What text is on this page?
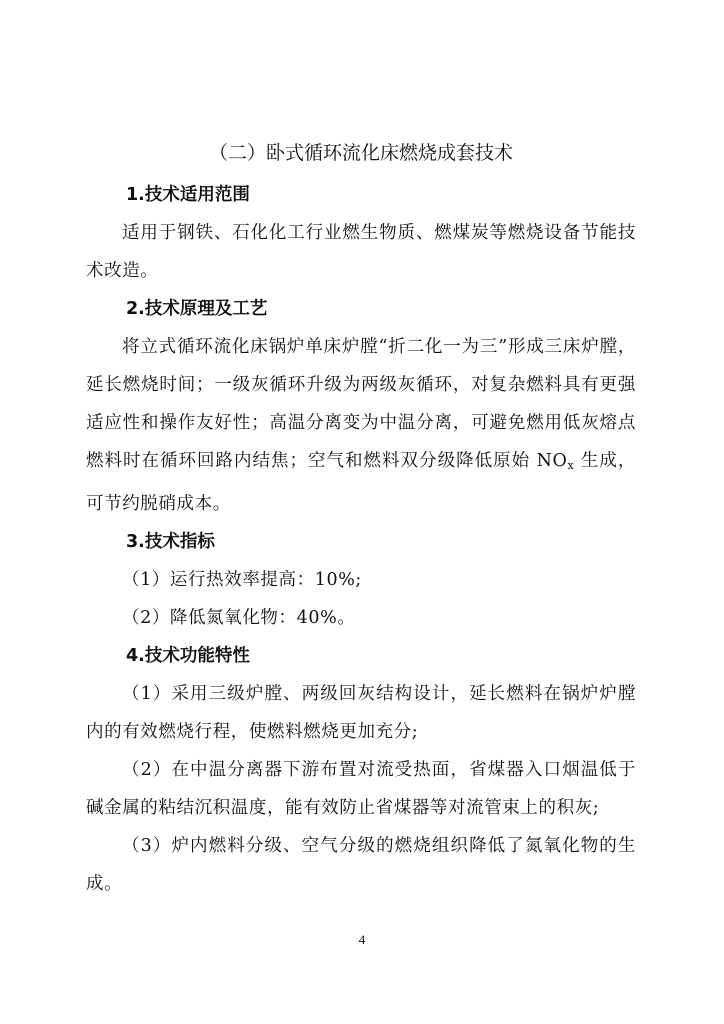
（二）卧式循环流化床燃烧成套技术
1.技术适用范围
适用于钢铁、石化化工行业燃生物质、燃煤炭等燃烧设备节能技术改造。
2.技术原理及工艺
将立式循环流化床锅炉单床炉膛“折二化一为三”形成三床炉膛，延长燃烧时间；一级灰循环升级为两级灰循环，对复杂燃料具有更强适应性和操作友好性；高温分离变为中温分离，可避免燃用低灰熔点燃料时在循环回路内结焦；空气和燃料双分级降低原始 $NO_x$ 生成，可节约脱硝成本。
3.技术指标
（1）运行热效率提高：10%;
（2）降低氮氧化物：40%。
4.技术功能特性
（1）采用三级炉膛、两级回灰结构设计，延长燃料在锅炉炉膛内的有效燃烧行程，使燃料燃烧更加充分;
（2）在中温分离器下游布置对流受热面，省煤器入口烟温低于碱金属的粘结沉积温度，能有效防止省煤器等对流管束上的积灰;
（3）炉内燃料分级、空气分级的燃烧组织降低了氮氧化物的生成。
4
